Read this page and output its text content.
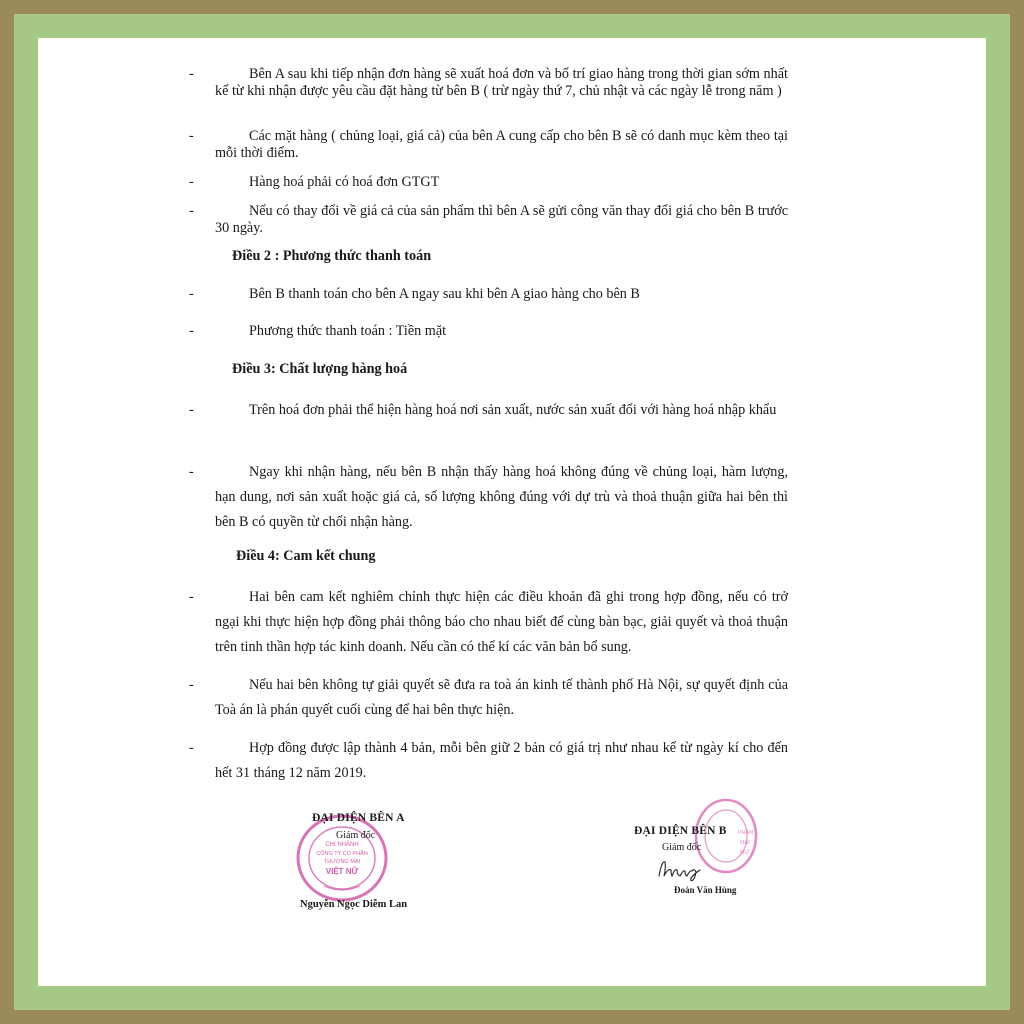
-	Bên A sau khi tiếp nhận đơn hàng sẽ xuất hoá đơn và bố trí giao hàng trong thời gian sớm nhất kể từ khi nhận được yêu cầu đặt hàng từ bên B ( trừ ngày thứ 7, chủ nhật và các ngày lễ trong năm )
-	Các mặt hàng ( chủng loại, giá cả) của bên A cung cấp cho bên B sẽ có danh mục kèm theo tại mỗi thời điểm.
-	Hàng hoá phải có hoá đơn GTGT
-	Nếu có thay đổi về giá cả của sản phẩm thì bên A sẽ gửi công văn thay đổi giá cho bên B trước 30 ngày.
Điều 2 : Phương thức thanh toán
-	Bên B thanh toán cho bên A ngay sau khi bên A giao hàng cho bên B
-	Phương thức thanh toán : Tiền mặt
Điều 3: Chất lượng hàng hoá
-	Trên hoá đơn phải thể hiện hàng hoá nơi sản xuất, nước sản xuất đối với hàng hoá nhập khẩu
-	Ngay khi nhận hàng, nếu bên B nhận thấy hàng hoá không đúng về chủng loại, hàm lượng, hạn dung, nơi sản xuất hoặc giá cả, số lượng không đúng với dự trù và thoả thuận giữa hai bên thì bên B có quyền từ chối nhận hàng.
Điều 4: Cam kết chung
-	Hai bên cam kết nghiêm chỉnh thực hiện các điều khoản đã ghi trong hợp đồng, nếu có trở ngại khi thực hiện hợp đồng phải thông báo cho nhau biết để cùng bàn bạc, giải quyết và thoả thuận trên tinh thần hợp tác kinh doanh. Nếu cần có thể kí các văn bản bổ sung.
-	Nếu hai bên không tự giải quyết sẽ đưa ra toà án kinh tế thành phố Hà Nội, sự quyết định của Toà án là phán quyết cuối cùng để hai bên thực hiện.
-	Hợp đồng được lập thành 4 bản, mỗi bên giữ 2 bản có giá trị như nhau kể từ ngày kí cho đến hết 31 tháng 12 năm 2019.
CHI NHÁNH
CÔNG TY CỔ PHẦN
THƯƠNG MẠI
VIỆT NỮ
ĐẠI DIỆN BÊN A
Giám đốc
Nguyễn Ngọc Diễm Lan
PHẦN
MẠI
NỮ
ĐẠI DIỆN BÊN B
Giám đốc
Đoàn Văn Hùng
